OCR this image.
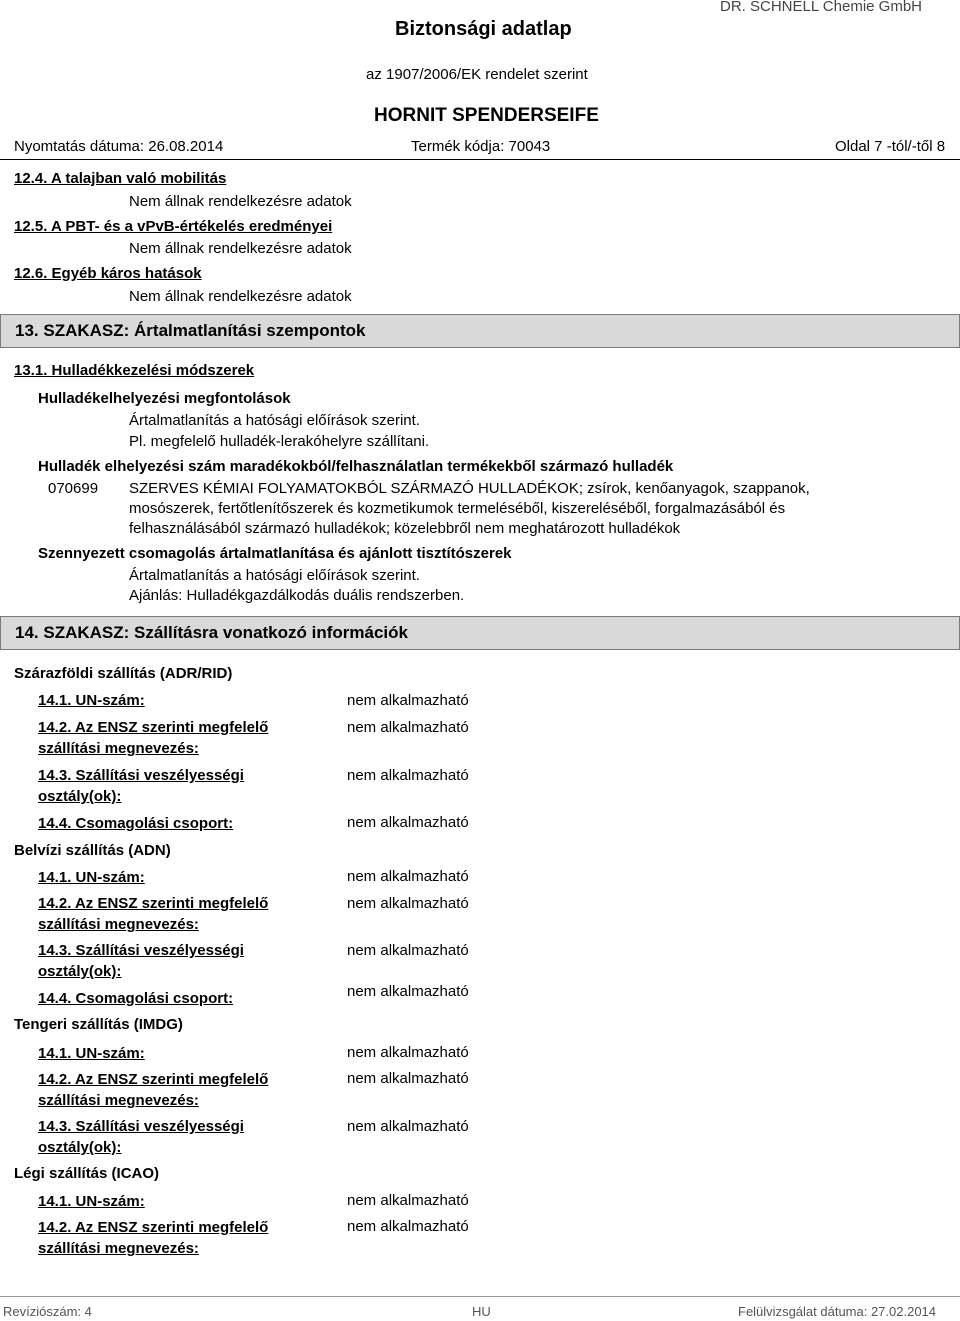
Biztonsági adatlap
DR. SCHNELL Chemie GmbH
az 1907/2006/EK rendelet szerint
HORNIT SPENDERSEIFE
Nyomtatás dátuma: 26.08.2014	Termék kódja: 70043	Oldal 7 -tól/-től 8
12.4. A talajban való mobilitás
Nem állnak rendelkezésre adatok
12.5. A PBT- és a vPvB-értékelés eredményei
Nem állnak rendelkezésre adatok
12.6. Egyéb káros hatások
Nem állnak rendelkezésre adatok
13. SZAKASZ: Ártalmatlanítási szempontok
13.1. Hulladékkezelési módszerek
Hulladékelhelyezési megfontolások
Ártalmatlanítás a hatósági előírások szerint.
Pl. megfelelő hulladék-lerakóhelyre szállítani.
Hulladék elhelyezési szám maradékokból/felhasználatlan termékekből származó hulladék
070699 SZERVES KÉMIAI FOLYAMATOKBÓL SZÁRMAZÓ HULLADÉKOK; zsírok, kenőanyagok, szappanok,
mosószerek, fertőtlenítőszerek és kozmetikumok termeléséből, kiszereléséből, forgalmazásából és
felhasználásából származó hulladékok; közelebbről nem meghatározott hulladékok
Szennyezett csomagolás ártalmatlanítása és ajánlott tisztítószerek
Ártalmatlanítás a hatósági előírások szerint.
Ajánlás: Hulladékgazdálkodás duális rendszerben.
14. SZAKASZ: Szállításra vonatkozó információk
Szárazföldi szállítás (ADR/RID)
14.1. UN-szám:	nem alkalmazható
14.2. Az ENSZ szerinti megfelelő
szállítási megnevezés:
nem alkalmazható
14.3. Szállítási veszélyességi
osztály(ok):
nem alkalmazható
14.4. Csomagolási csoport:	nem alkalmazható
Belvízi szállítás (ADN)
14.1. UN-szám:	nem alkalmazható
14.2. Az ENSZ szerinti megfelelő
szállítási megnevezés:
nem alkalmazható
14.3. Szállítási veszélyességi
osztály(ok):
nem alkalmazható
14.4. Csomagolási csoport:	nem alkalmazható
Tengeri szállítás (IMDG)
14.1. UN-szám:	nem alkalmazható
14.2. Az ENSZ szerinti megfelelő
szállítási megnevezés:
nem alkalmazható
14.3. Szállítási veszélyességi
osztály(ok):
nem alkalmazható
Légi szállítás (ICAO)
14.1. UN-szám:	nem alkalmazható
14.2. Az ENSZ szerinti megfelelő
szállítási megnevezés:
nem alkalmazható
Revíziószám: 4	HU	Felülvizsgálat dátuma: 27.02.2014
